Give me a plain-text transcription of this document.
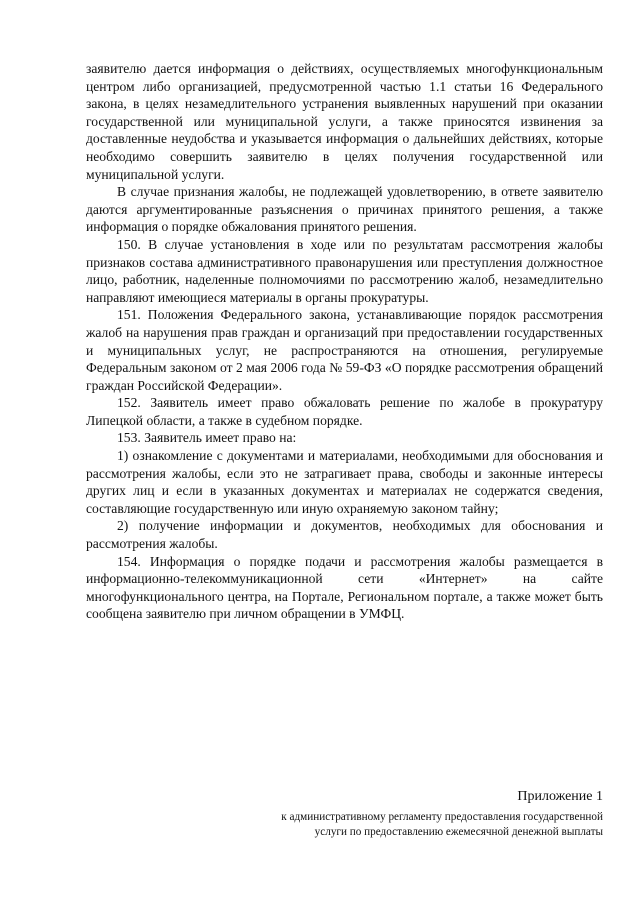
заявителю дается информация о действиях, осуществляемых многофункциональным центром либо организацией, предусмотренной частью 1.1 статьи 16 Федерального закона, в целях незамедлительного устранения выявленных нарушений при оказании государственной или муниципальной услуги, а также приносятся извинения за доставленные неудобства и указывается информация о дальнейших действиях, которые необходимо совершить заявителю в целях получения государственной или муниципальной услуги.

В случае признания жалобы, не подлежащей удовлетворению, в ответе заявителю даются аргументированные разъяснения о причинах принятого решения, а также информация о порядке обжалования принятого решения.

150. В случае установления в ходе или по результатам рассмотрения жалобы признаков состава административного правонарушения или преступления должностное лицо, работник, наделенные полномочиями по рассмотрению жалоб, незамедлительно направляют имеющиеся материалы в органы прокуратуры.

151. Положения Федерального закона, устанавливающие порядок рассмотрения жалоб на нарушения прав граждан и организаций при предоставлении государственных и муниципальных услуг, не распространяются на отношения, регулируемые Федеральным законом от 2 мая 2006 года № 59-ФЗ «О порядке рассмотрения обращений граждан Российской Федерации».

152. Заявитель имеет право обжаловать решение по жалобе в прокуратуру Липецкой области, а также в судебном порядке.

153. Заявитель имеет право на:

1) ознакомление с документами и материалами, необходимыми для обоснования и рассмотрения жалобы, если это не затрагивает права, свободы и законные интересы других лиц и если в указанных документах и материалах не содержатся сведения, составляющие государственную или иную охраняемую законом тайну;

2) получение информации и документов, необходимых для обоснования и рассмотрения жалобы.

154. Информация о порядке подачи и рассмотрения жалобы размещается в информационно-телекоммуникационной сети «Интернет» на сайте многофункционального центра, на Портале, Региональном портале, а также может быть сообщена заявителю при личном обращении в УМФЦ.

Приложение 1
к административному регламенту предоставления государственной
услуги по предоставлению ежемесячной денежной выплаты
